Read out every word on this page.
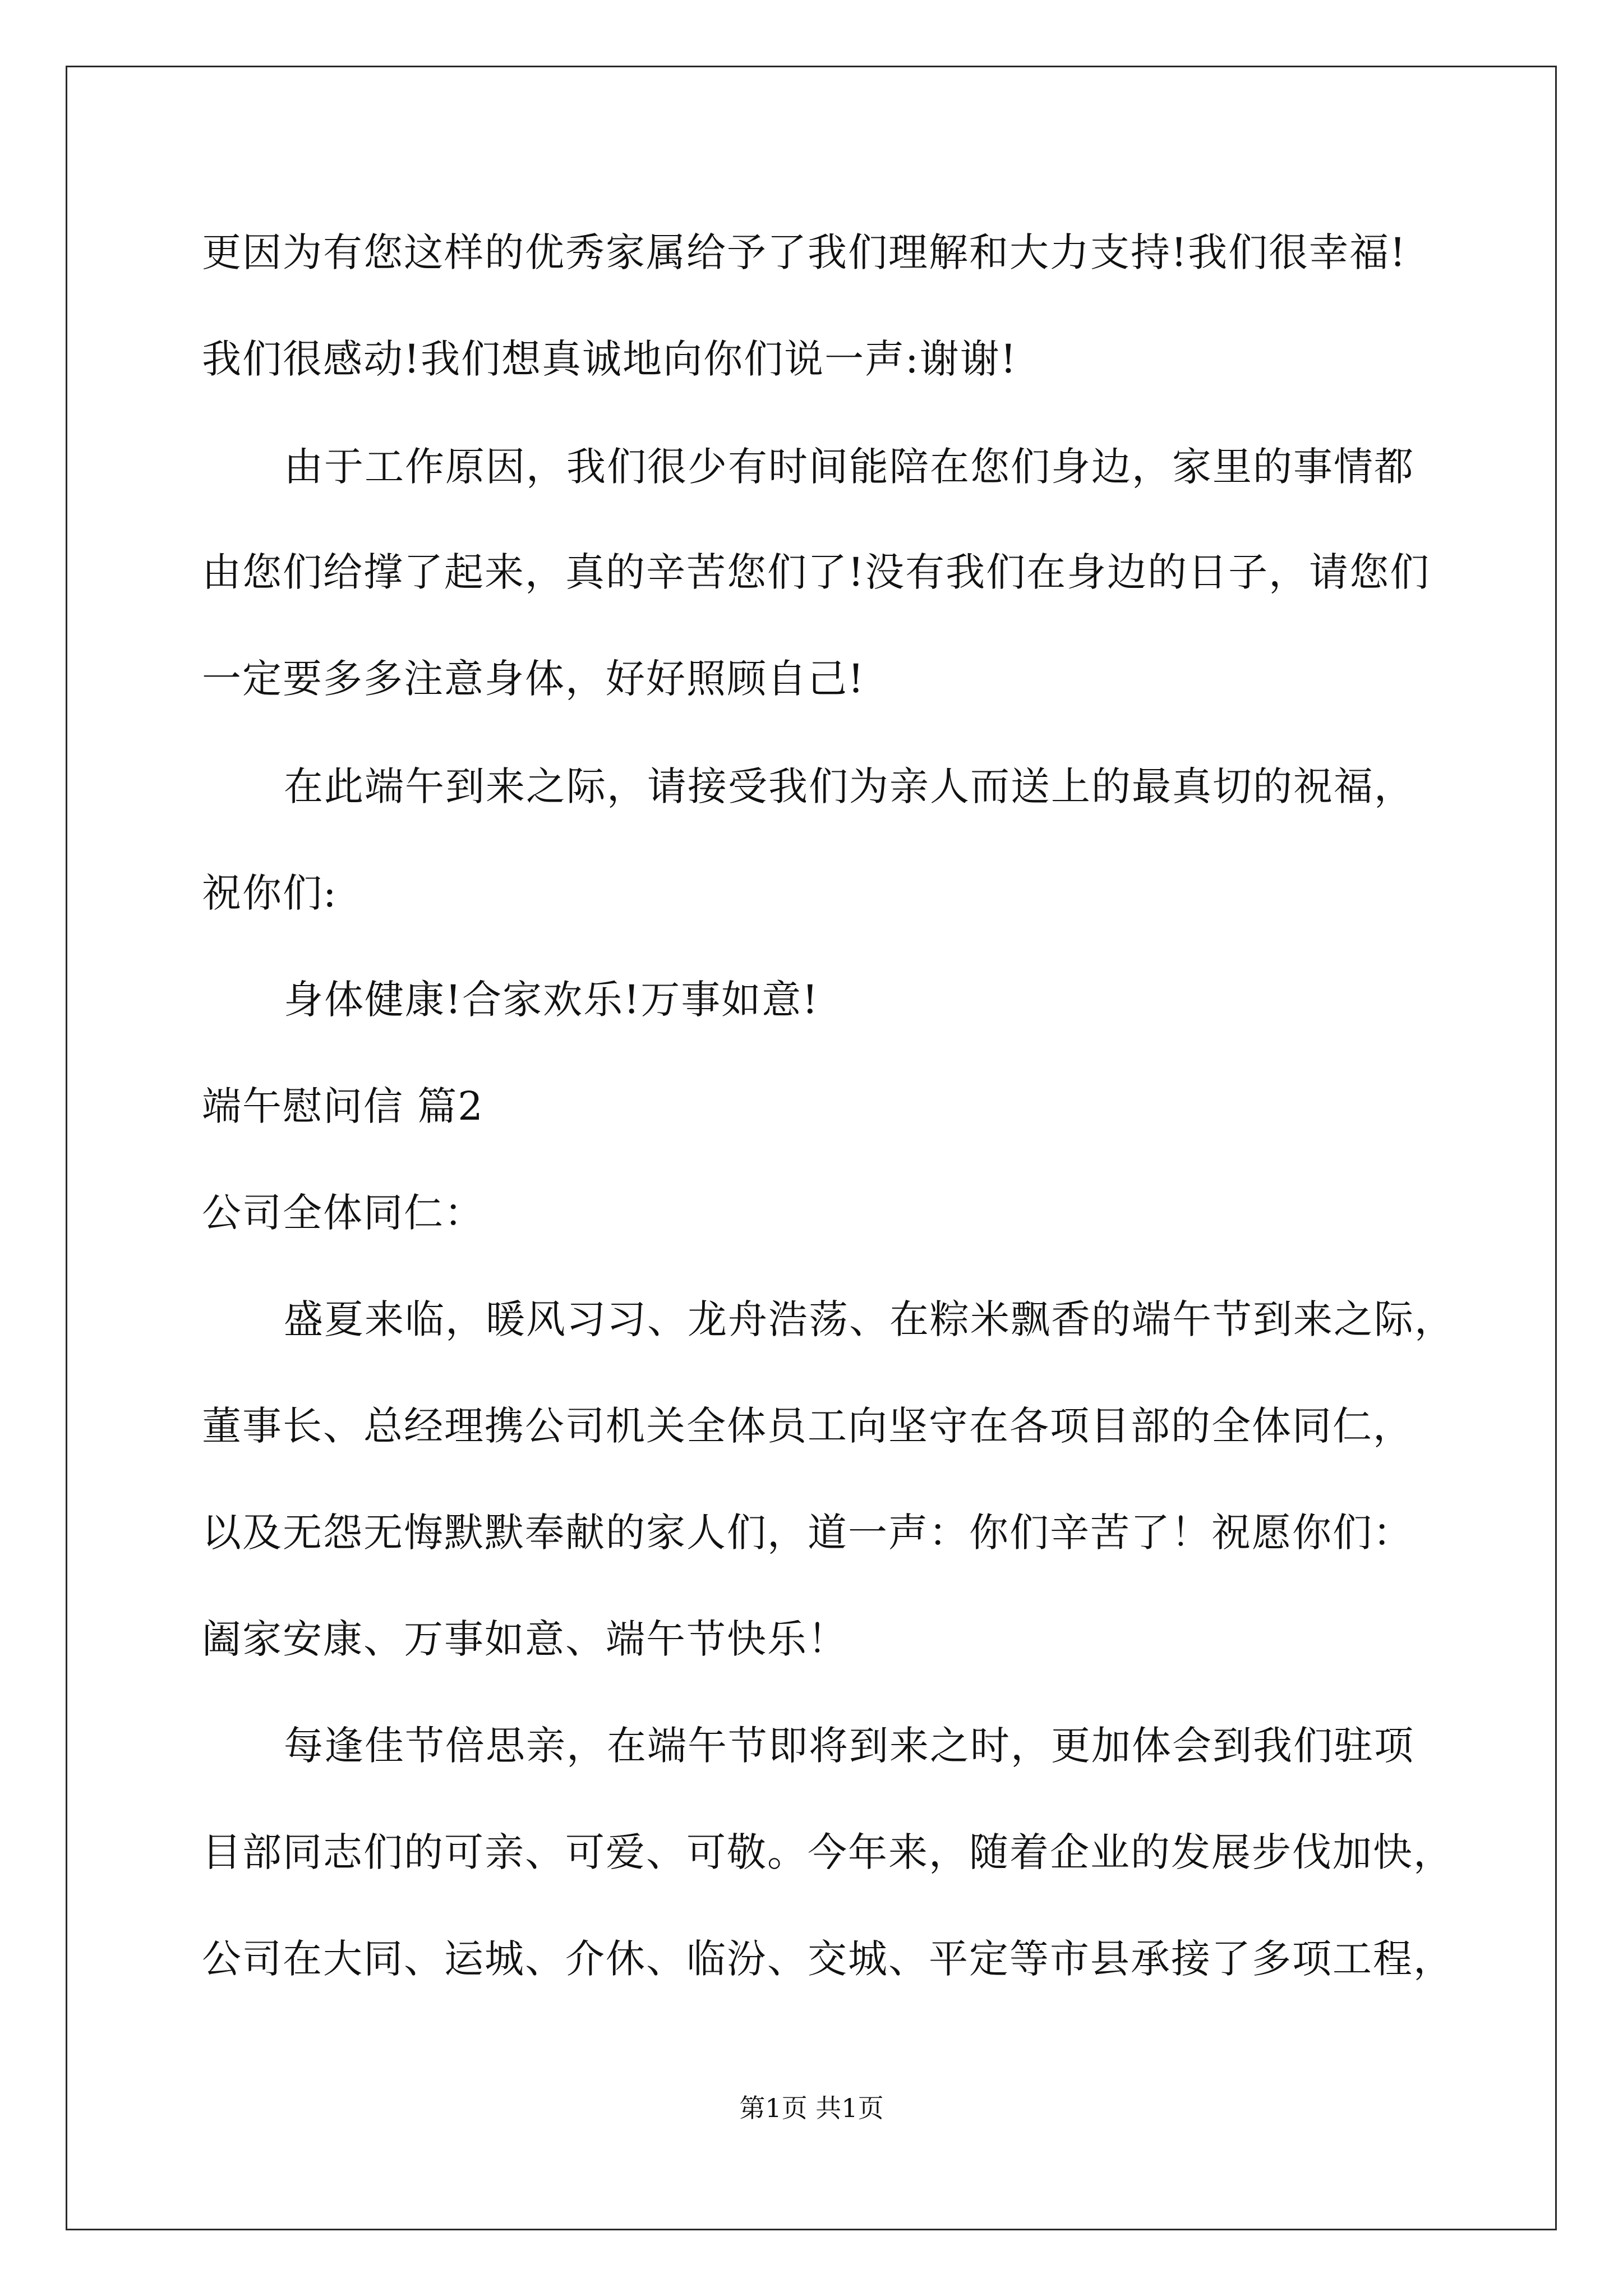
更因为有您这样的优秀家属给予了我们理解和大力支持!我们很幸福!
我们很感动!我们想真诚地向你们说一声:谢谢!
由于工作原因，我们很少有时间能陪在您们身边，家里的事情都
由您们给撑了起来，真的辛苦您们了!没有我们在身边的日子，请您们
一定要多多注意身体，好好照顾自己!
在此端午到来之际，请接受我们为亲人而送上的最真切的祝福，
祝你们:
身体健康!合家欢乐!万事如意!
端午慰问信 篇2
公司全体同仁：
盛夏来临，暖风习习、龙舟浩荡、在粽米飘香的端午节到来之际，
董事长、总经理携公司机关全体员工向坚守在各项目部的全体同仁，
以及无怨无悔默默奉献的家人们，道一声：你们辛苦了！祝愿你们：
阖家安康、万事如意、端午节快乐！
每逢佳节倍思亲，在端午节即将到来之时，更加体会到我们驻项
目部同志们的可亲、可爱、可敬。今年来，随着企业的发展步伐加快，
公司在大同、运城、介休、临汾、交城、平定等市县承接了多项工程，
第1页 共1页
